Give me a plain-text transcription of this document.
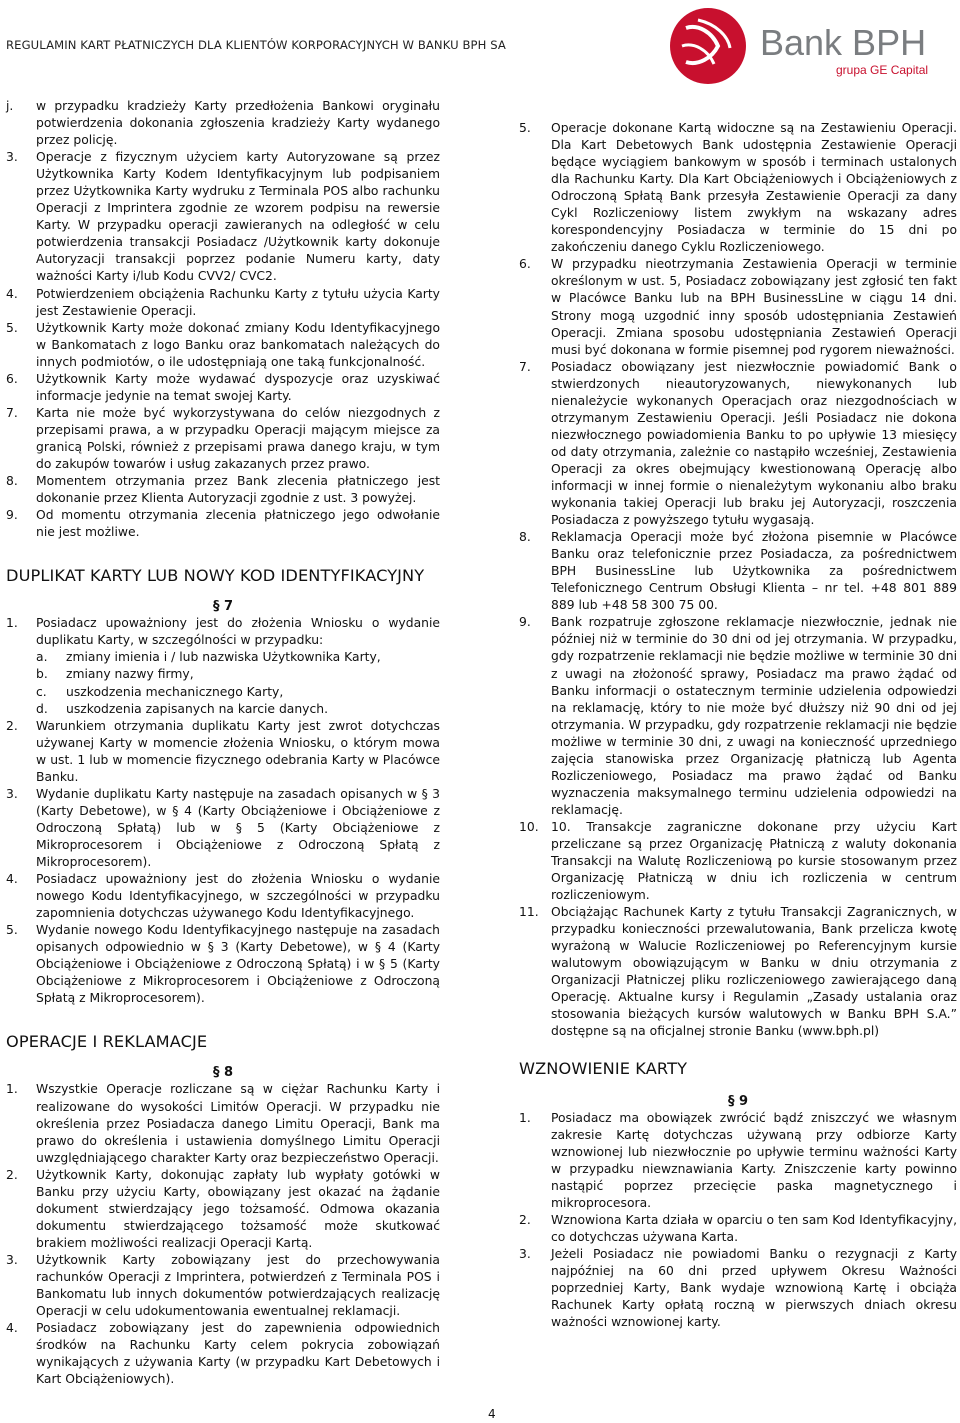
REGULAMIN KART PŁATNICZYCH DLA KLIENTÓW KORPORACYJNYCH W BANKU BPH SA	Bank BPH
grupa GE Capital
j.	w przypadku kradzieży Karty przedłożenia Bankowi oryginału potwierdzenia dokonania zgłoszenia kradzieży Karty wydanego przez policję.
3.	Operacje z fizycznym użyciem karty Autoryzowane są przez Użytkownika Karty Kodem Identyfikacyjnym lub podpisaniem przez Użytkownika Karty wydruku z Terminala POS albo rachunku Operacji z Imprintera zgodnie ze wzorem podpisu na rewersie Karty. W przypadku operacji zawieranych na odległość w celu potwierdzenia transakcji Posiadacz /Użytkownik karty dokonuje Autoryzacji transakcji poprzez podanie Numeru karty, daty ważności Karty i/lub Kodu CVV2/ CVC2.
4.	Potwierdzeniem obciążenia Rachunku Karty z tytułu użycia Karty jest Zestawienie Operacji.
5.	Użytkownik Karty może dokonać zmiany Kodu Identyfikacyjnego w Bankomatach z logo Banku oraz bankomatach należących do innych podmiotów, o ile udostępniają one taką funkcjonalność.
6.	Użytkownik Karty może wydawać dyspozycje oraz uzyskiwać informacje jedynie na temat swojej Karty.
7.	Karta nie może być wykorzystywana do celów niezgodnych z przepisami prawa, a w przypadku Operacji mającym miejsce za granicą Polski, również z przepisami prawa danego kraju, w tym do zakupów towarów i usług zakazanych przez prawo.
8.	Momentem otrzymania przez Bank zlecenia płatniczego jest dokonanie przez Klienta Autoryzacji zgodnie z ust. 3 powyżej.
9.	Od momentu otrzymania zlecenia płatniczego jego odwołanie nie jest możliwe.
DUPLIKAT KARTY LUB NOWY KOD IDENTYFIKACYJNY
§ 7
1.	Posiadacz upoważniony jest do złożenia Wniosku o wydanie duplikatu Karty, w szczególności w przypadku:
a.	zmiany imienia i / lub nazwiska Użytkownika Karty,
b.	zmiany nazwy firmy,
c.	uszkodzenia mechanicznego Karty,
d.	uszkodzenia zapisanych na karcie danych.
2.	Warunkiem otrzymania duplikatu Karty jest zwrot dotychczas używanej Karty w momencie złożenia Wniosku, o którym mowa w ust. 1 lub w momencie fizycznego odebrania Karty w Placówce Banku.
3.	Wydanie duplikatu Karty następuje na zasadach opisanych w § 3 (Karty Debetowe), w § 4 (Karty Obciążeniowe i Obciążeniowe z Odroczoną Spłatą) lub w § 5 (Karty Obciążeniowe z Mikroprocesorem i Obciążeniowe z Odroczoną Spłatą z Mikroprocesorem).
4.	Posiadacz upoważniony jest do złożenia Wniosku o wydanie nowego Kodu Identyfikacyjnego, w szczególności w przypadku zapomnienia dotychczas używanego Kodu Identyfikacyjnego.
5.	Wydanie nowego Kodu Identyfikacyjnego następuje na zasadach opisanych odpowiednio w § 3 (Karty Debetowe), w § 4 (Karty Obciążeniowe i Obciążeniowe z Odroczoną Spłatą) i w § 5 (Karty Obciążeniowe z Mikroprocesorem i Obciążeniowe z Odroczoną Spłatą z Mikroprocesorem).
OPERACJE I REKLAMACJE
§ 8
1.	Wszystkie Operacje rozliczane są w ciężar Rachunku Karty i realizowane do wysokości Limitów Operacji. W przypadku nie określenia przez Posiadacza danego Limitu Operacji, Bank ma prawo do określenia i ustawienia domyślnego Limitu Operacji uwzględniającego charakter Karty oraz bezpieczeństwo Operacji.
2.	Użytkownik Karty, dokonując zapłaty lub wypłaty gotówki w Banku przy użyciu Karty, obowiązany jest okazać na żądanie dokument stwierdzający jego tożsamość. Odmowa okazania dokumentu stwierdzającego tożsamość może skutkować brakiem możliwości realizacji Operacji Kartą.
3.	Użytkownik Karty zobowiązany jest do przechowywania rachunków Operacji z Imprintera, potwierdzeń z Terminala POS i Bankomatu lub innych dokumentów potwierdzających realizację Operacji w celu udokumentowania ewentualnej reklamacji.
4.	Posiadacz zobowiązany jest do zapewnienia odpowiednich środków na Rachunku Karty celem pokrycia zobowiązań wynikających z używania Karty (w przypadku Kart Debetowych i Kart Obciążeniowych).
5.	Operacje dokonane Kartą widoczne są na Zestawieniu Operacji. Dla Kart Debetowych Bank udostępnia Zestawienie Operacji będące wyciągiem bankowym w sposób i terminach ustalonych dla Rachunku Karty. Dla Kart Obciążeniowych i Obciążeniowych z Odroczoną Spłatą Bank przesyła Zestawienie Operacji za dany Cykl Rozliczeniowy listem zwykłym na wskazany adres korespondencyjny Posiadacza w terminie do 15 dni po zakończeniu danego Cyklu Rozliczeniowego.
6.	W przypadku nieotrzymania Zestawienia Operacji w terminie określonym w ust. 5, Posiadacz zobowiązany jest zgłosić ten fakt w Placówce Banku lub na BPH BusinessLine w ciągu 14 dni. Strony mogą uzgodnić inny sposób udostępniania Zestawień Operacji. Zmiana sposobu udostępniania Zestawień Operacji musi być dokonana w formie pisemnej pod rygorem nieważności.
7.	Posiadacz obowiązany jest niezwłocznie powiadomić Bank o stwierdzonych nieautoryzowanych, niewykonanych lub nienależycie wykonanych Operacjach oraz niezgodnościach w otrzymanym Zestawieniu Operacji. Jeśli Posiadacz nie dokona niezwłocznego powiadomienia Banku to po upływie 13 miesięcy od daty otrzymania, zależnie co nastąpiło wcześniej, Zestawienia Operacji za okres obejmujący kwestionowaną Operację albo informacji w innej formie o nienależytym wykonaniu albo braku wykonania takiej Operacji lub braku jej Autoryzacji, roszczenia Posiadacza z powyższego tytułu wygasają.
8.	Reklamacja Operacji może być złożona pisemnie w Placówce Banku oraz telefonicznie przez Posiadacza, za pośrednictwem BPH BusinessLine lub Użytkownika za pośrednictwem Telefonicznego Centrum Obsługi Klienta – nr tel. +48 801 889 889 lub +48 58 300 75 00.
9.	Bank rozpatruje zgłoszone reklamacje niezwłocznie, jednak nie później niż w terminie do 30 dni od jej otrzymania. W przypadku, gdy rozpatrzenie reklamacji nie będzie możliwe w terminie 30 dni z uwagi na złożoność sprawy, Posiadacz ma prawo żądać od Banku informacji o ostatecznym terminie udzielenia odpowiedzi na reklamację, który to nie może być dłuższy niż 90 dni od jej otrzymania. W przypadku, gdy rozpatrzenie reklamacji nie będzie możliwe w terminie 30 dni, z uwagi na konieczność uprzedniego zajęcia stanowiska przez Organizację płatniczą lub Agenta Rozliczeniowego, Posiadacz ma prawo żądać od Banku wyznaczenia maksymalnego terminu udzielenia odpowiedzi na reklamację.
10.	10. Transakcje zagraniczne dokonane przy użyciu Kart przeliczane są przez Organizację Płatniczą z waluty dokonania Transakcji na Walutę Rozliczeniową po kursie stosowanym przez Organizację Płatniczą w dniu ich rozliczenia w centrum rozliczeniowym.
11.	Obciążając Rachunek Karty z tytułu Transakcji Zagranicznych, w przypadku konieczności przewalutowania, Bank przelicza kwotę wyrażoną w Walucie Rozliczeniowej po Referencyjnym kursie walutowym obowiązującym w Banku w dniu otrzymania z Organizacji Płatniczej pliku rozliczeniowego zawierającego daną Operację. Aktualne kursy i Regulamin „Zasady ustalania oraz stosowania bieżących kursów walutowych w Banku BPH S.A.” dostępne są na oficjalnej stronie Banku (www.bph.pl)
WZNOWIENIE KARTY
§ 9
1.	Posiadacz ma obowiązek zwrócić bądź zniszczyć we własnym zakresie Kartę dotychczas używaną przy odbiorze Karty wznowionej lub niezwłocznie po upływie terminu ważności Karty w przypadku niewznawiania Karty. Zniszczenie karty powinno nastąpić poprzez przecięcie paska magnetycznego i mikroprocesora.
2.	Wznowiona Karta działa w oparciu o ten sam Kod Identyfikacyjny, co dotychczas używana Karta.
3.	Jeżeli Posiadacz nie powiadomi Banku o rezygnacji z Karty najpóźniej na 60 dni przed upływem Okresu Ważności poprzedniej Karty, Bank wydaje wznowioną Kartę i obciąża Rachunek Karty opłatą roczną w pierwszych dniach okresu ważności wznowionej karty.
4
